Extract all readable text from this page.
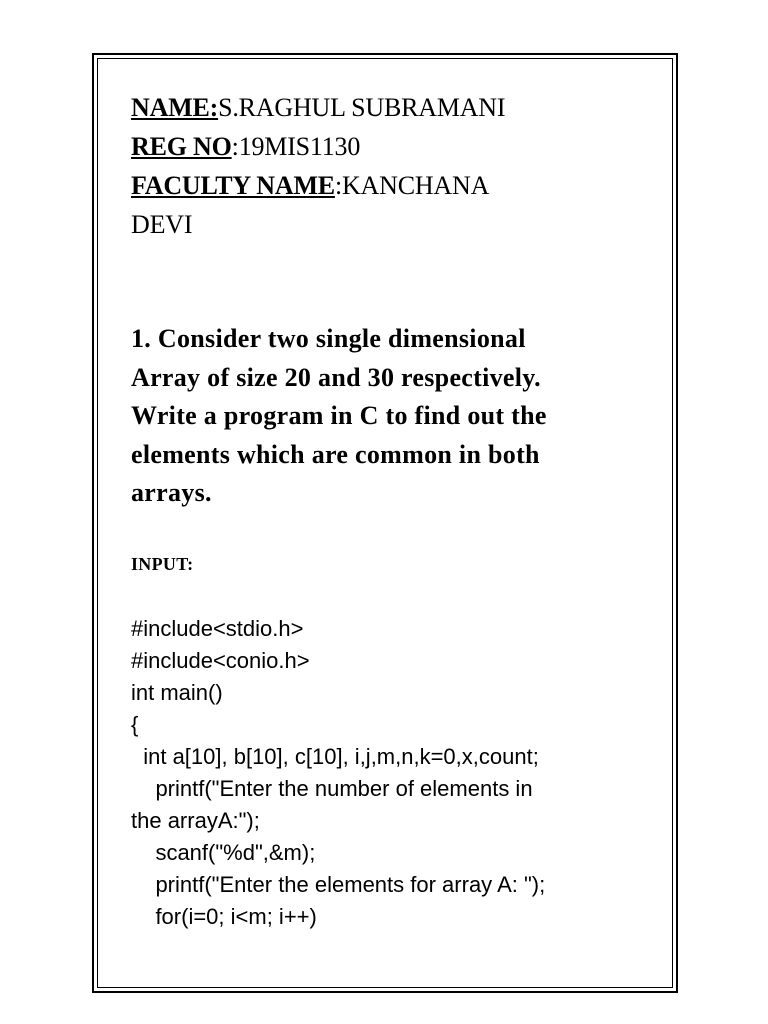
NAME:S.RAGHUL SUBRAMANI
REG NO:19MIS1130
FACULTY NAME:KANCHANA
DEVI
1. Consider two single dimensional
Array of size 20 and 30 respectively.
Write a program in C to find out the
elements which are common in both
arrays.
INPUT:
#include<stdio.h>
#include<conio.h>
int main()
{
int a[10], b[10], c[10], i,j,m,n,k=0,x,count;
printf("Enter the number of elements in
the arrayA:");
scanf("%d",&m);
printf("Enter the elements for array A: ");
for(i=0; i<m; i++)
